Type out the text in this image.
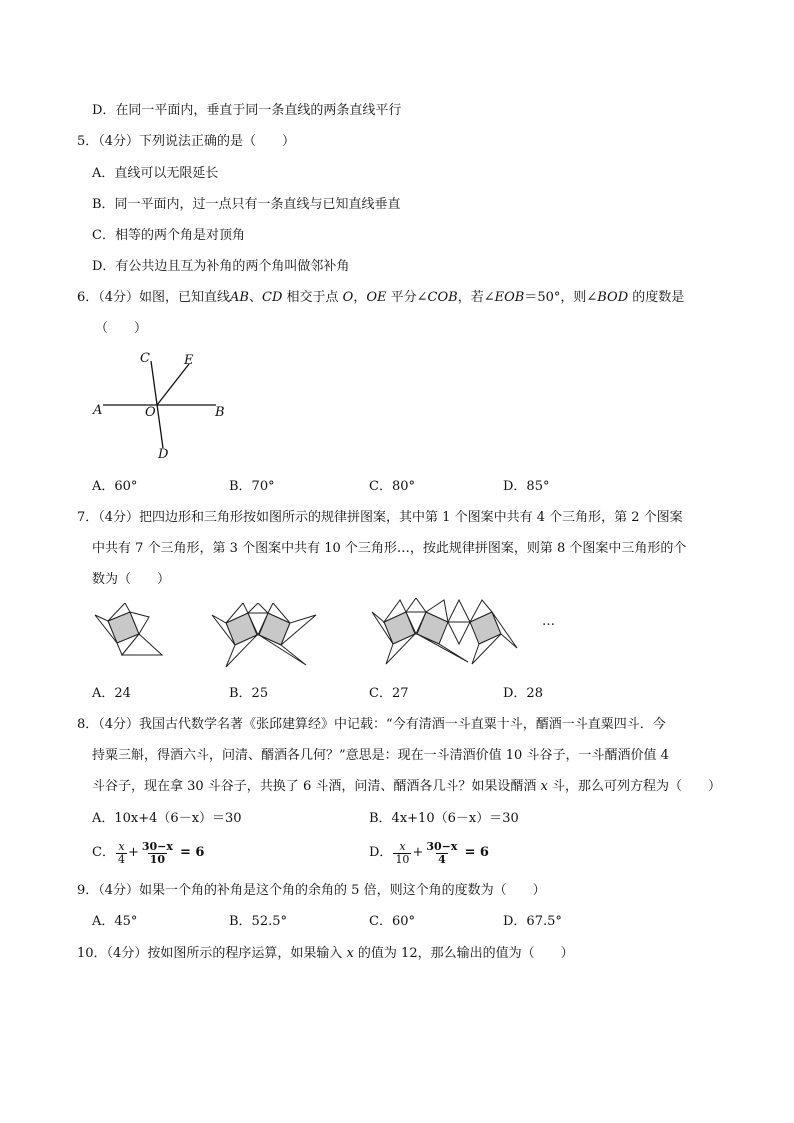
D．在同一平面内，垂直于同一条直线的两条直线平行
5．（4分）下列说法正确的是（　　）
A．直线可以无限延长
B．同一平面内，过一点只有一条直线与已知直线垂直
C．相等的两个角是对顶角
D．有公共边且互为补角的两个角叫做邻补角
6．（4分）如图，已知直线AB、CD 相交于点 O，OE 平分∠COB，若∠EOB＝50°，则∠BOD 的度数是
（　　）
C	E
A	O	B
D
A．60°	B．70°	C．80°	D．85°
7．（4分）把四边形和三角形按如图所示的规律拼图案，其中第 1 个图案中共有 4 个三角形，第 2 个图案
中共有 7 个三角形，第 3 个图案中共有 10 个三角形…，按此规律拼图案，则第 8 个图案中三角形的个
数为（　　）
…
A．24	B．25	C．27	D．28
8．（4分）我国古代数学名著《张邱建算经》中记载：“今有清酒一斗直粟十斗，醑酒一斗直粟四斗．今
持粟三斛，得酒六斗，问清、醑酒各几何？”意思是：现在一斗清酒价值 10 斗谷子，一斗醑酒价值 4
斗谷子，现在拿 30 斗谷子，共换了 6 斗酒，问清、醑酒各几斗？如果设醑酒 x 斗，那么可列方程为（　　）
A．10x+4（6－x）＝30	B．4x+10（6－x）＝30
C． $\frac{x}{4} + \frac{30-x}{10} = 6$	D． $\frac{x}{10} + \frac{30-x}{4} = 6$
9．（4分）如果一个角的补角是这个角的余角的 5 倍，则这个角的度数为（　　）
A．45°	B．52.5°	C．60°	D．67.5°
10．（4分）按如图所示的程序运算，如果输入 x 的值为 12，那么输出的值为（　　）
